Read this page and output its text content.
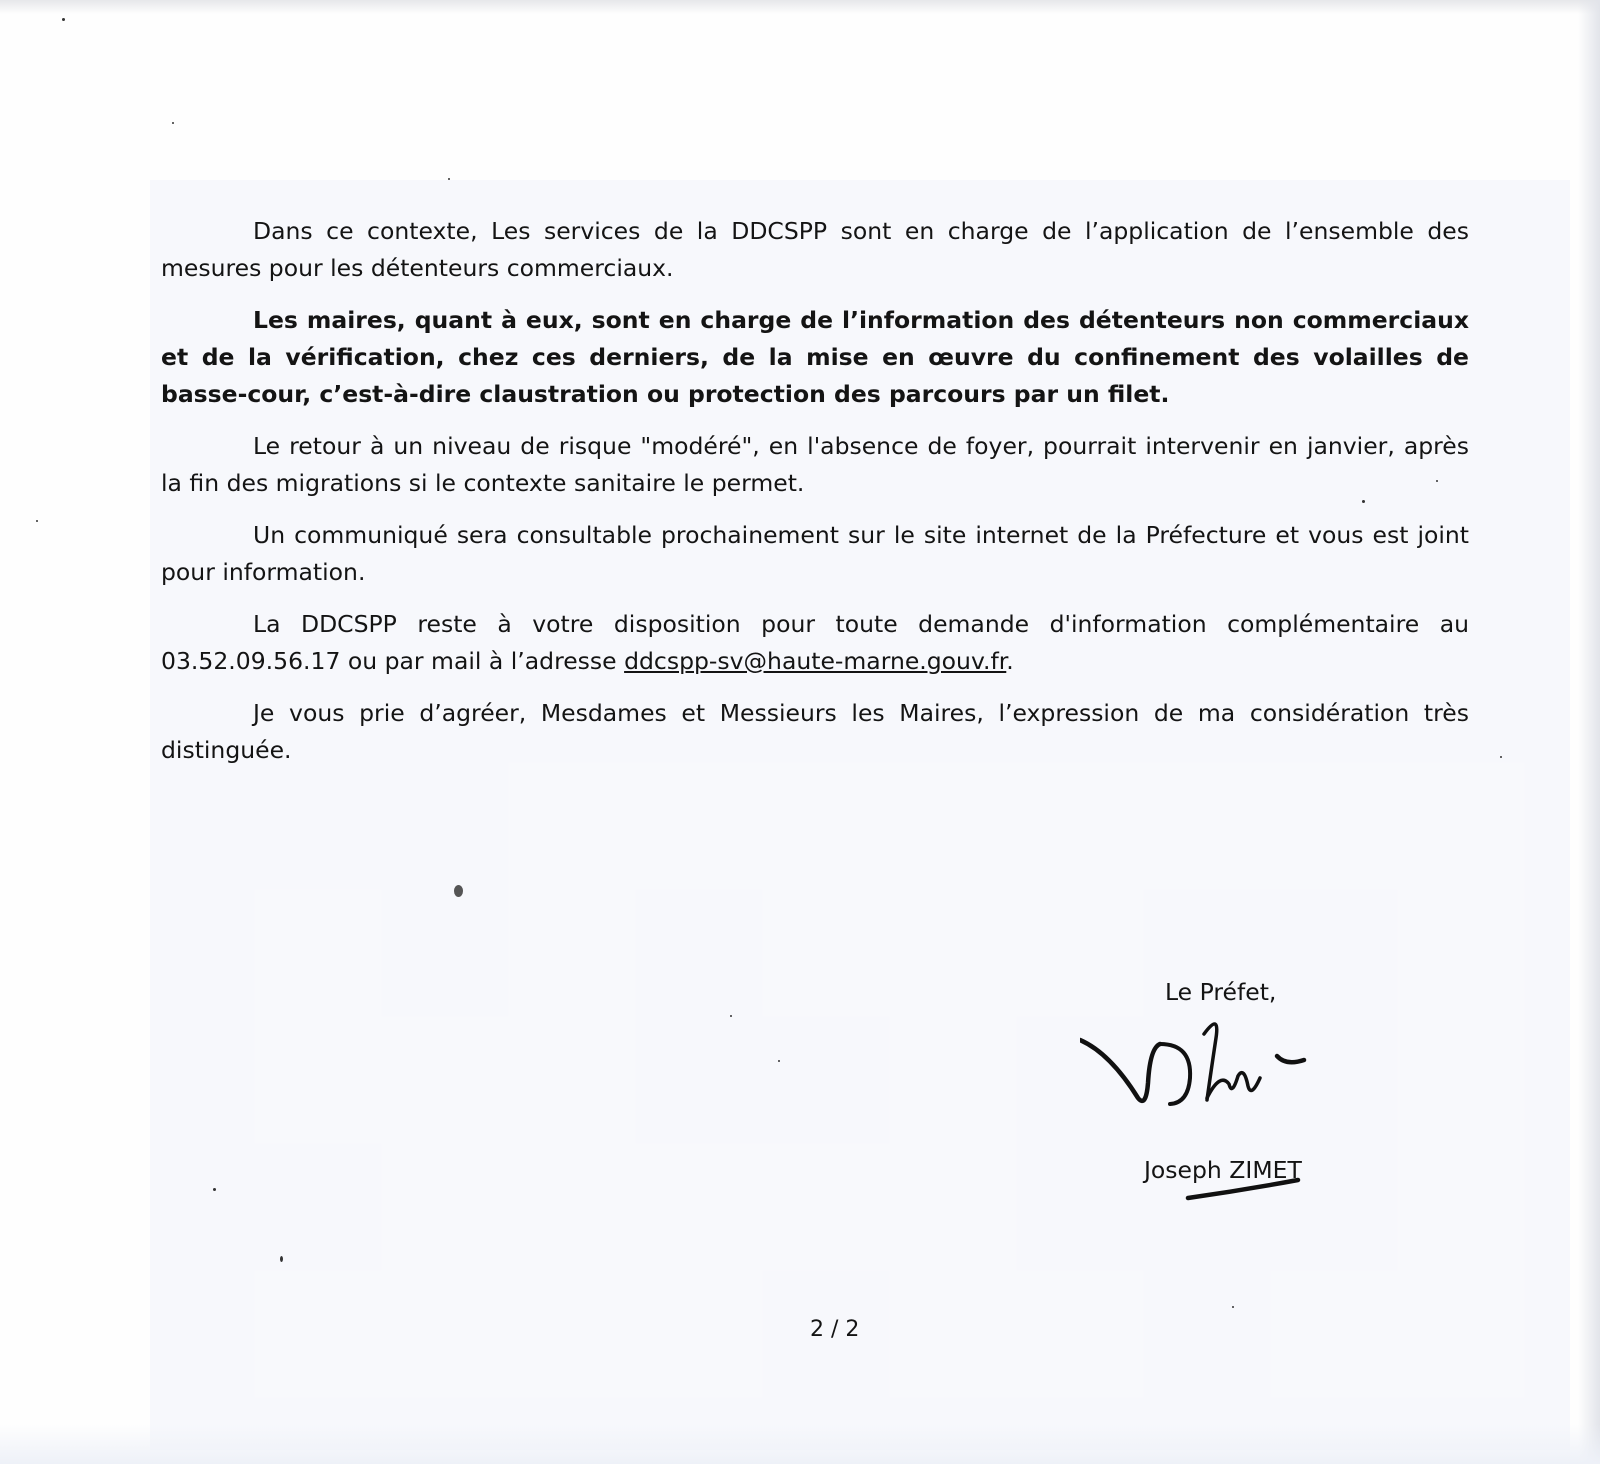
Dans ce contexte, Les services de la DDCSPP sont en charge de l’application de l’ensemble des mesures pour les détenteurs commerciaux.

Les maires, quant à eux, sont en charge de l’information des détenteurs non commerciaux et de la vérification, chez ces derniers, de la mise en œuvre du confinement des volailles de basse-cour, c’est-à-dire claustration ou protection des parcours par un filet.

Le retour à un niveau de risque "modéré", en l'absence de foyer, pourrait intervenir en janvier, après la fin des migrations si le contexte sanitaire le permet.

Un communiqué sera consultable prochainement sur le site internet de la Préfecture et vous est joint pour information.

La DDCSPP reste à votre disposition pour toute demande d'information complémentaire au 03.52.09.56.17 ou par mail à l’adresse ddcspp-sv@haute-marne.gouv.fr.

Je vous prie d’agréer, Mesdames et Messieurs les Maires, l’expression de ma considération très distinguée.

Le Préfet,
Joseph ZIMET
2 / 2
